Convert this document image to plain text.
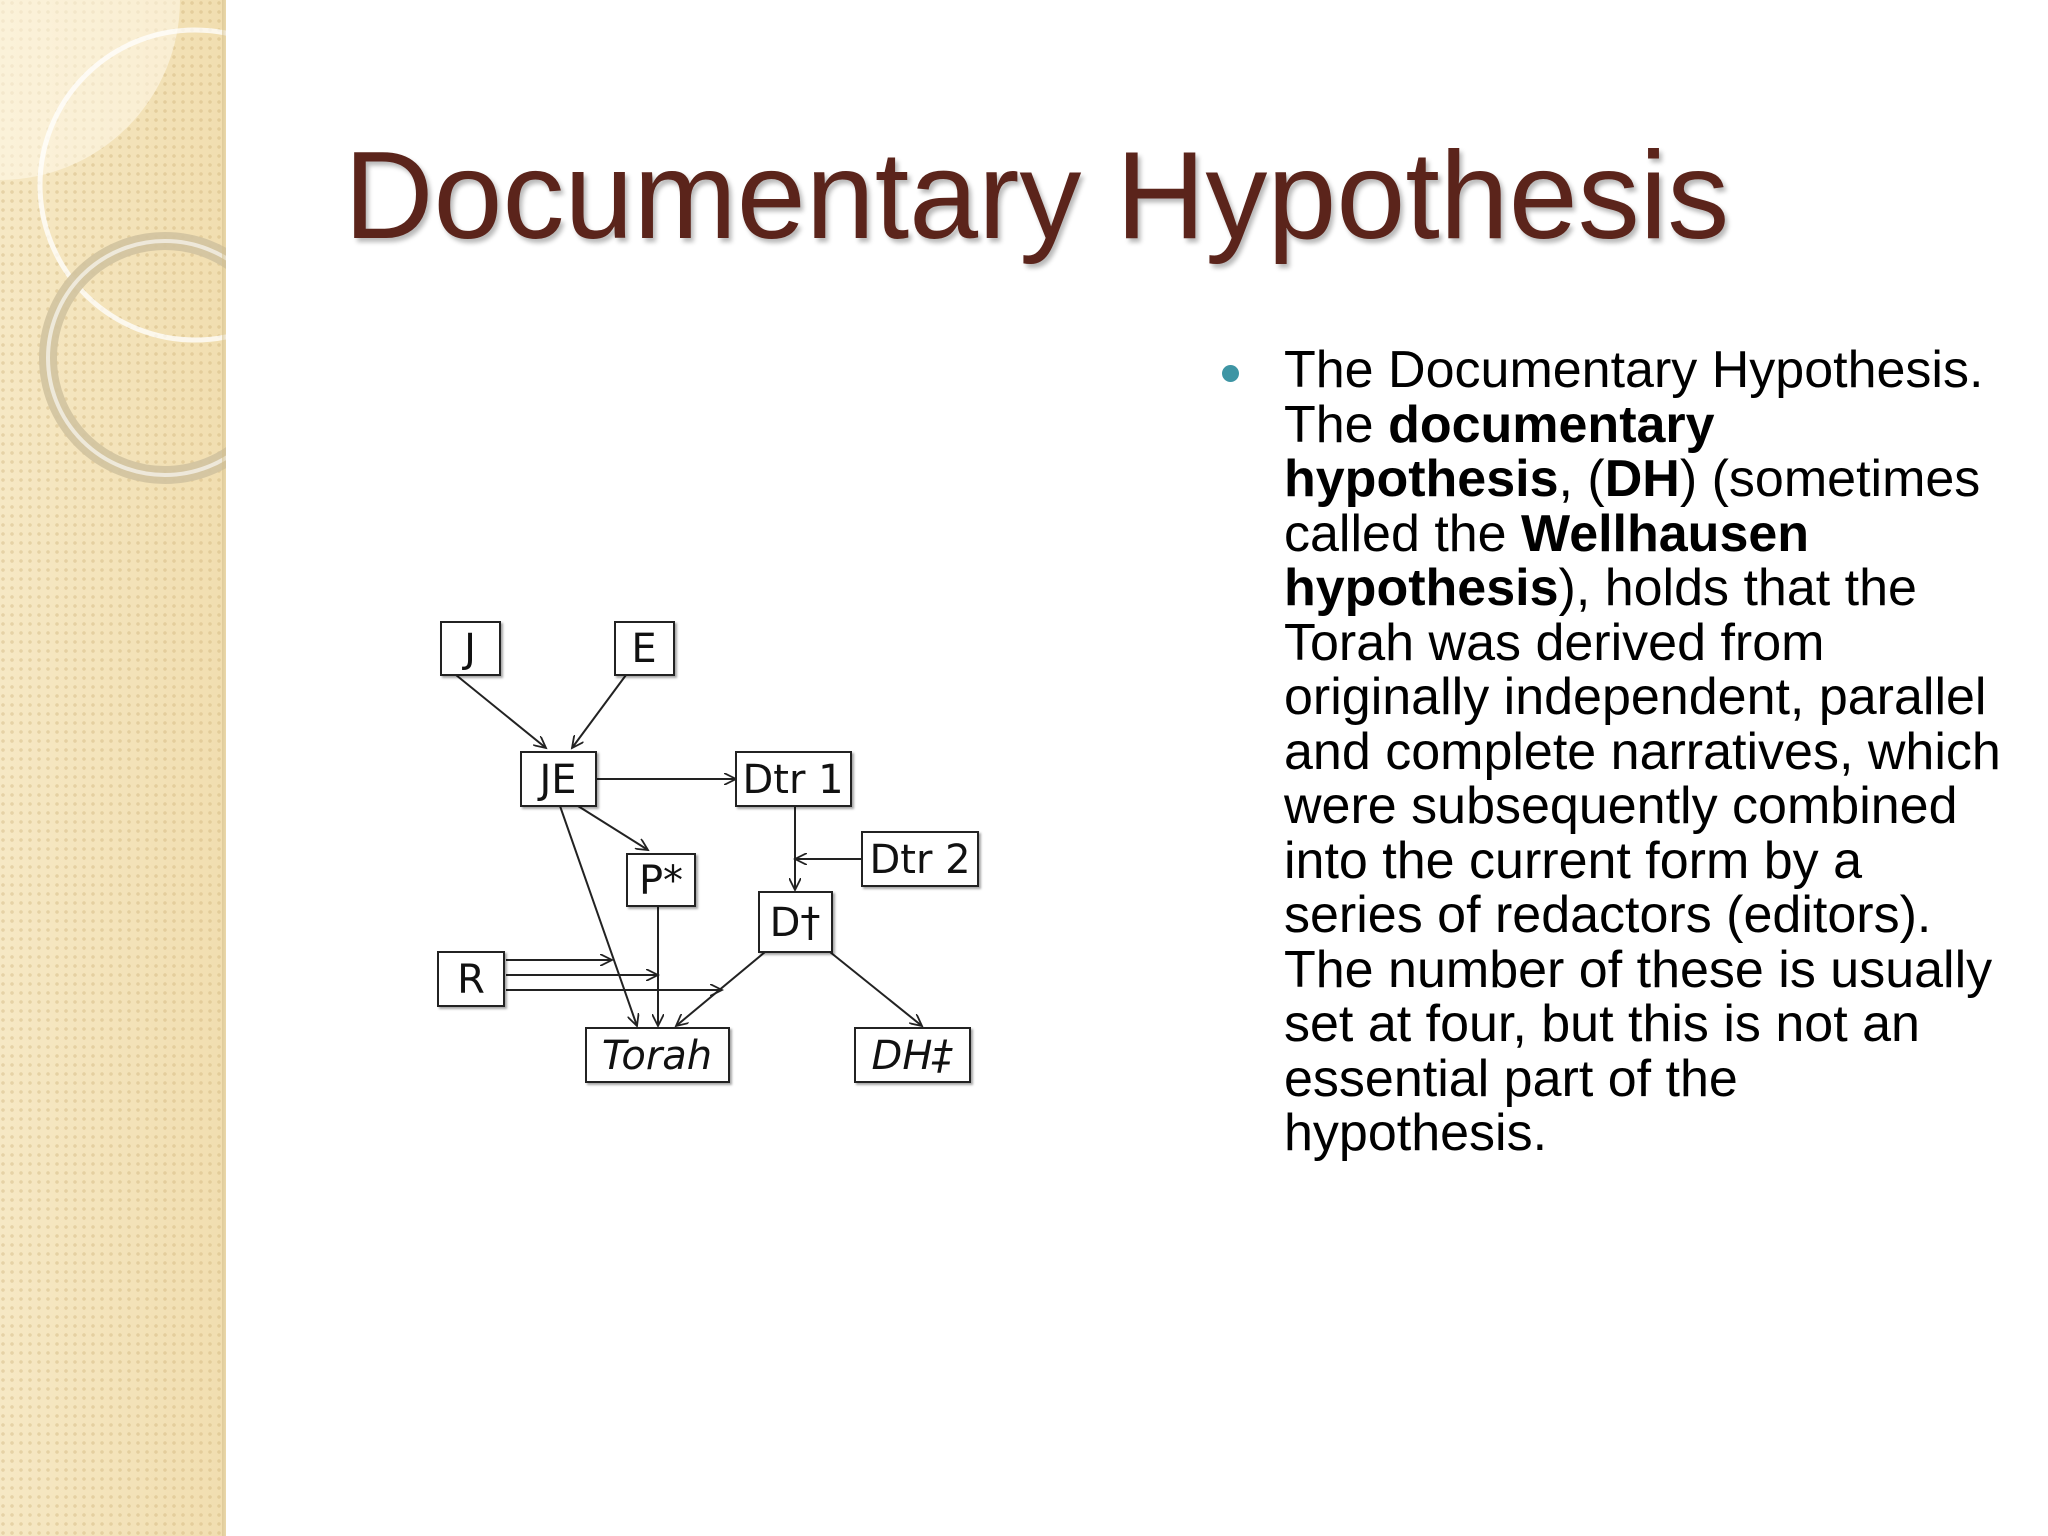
Documentary Hypothesis
J	E
JE	Dtr 1
Dtr 2
P*
D†
R
Torah	DH‡

The Documentary Hypothesis. The documentary hypothesis, (DH) (sometimes called the Wellhausen hypothesis), holds that the Torah was derived from originally independent, parallel and complete narratives, which were subsequently combined into the current form by a series of redactors (editors). The number of these is usually set at four, but this is not an essential part of the hypothesis.
